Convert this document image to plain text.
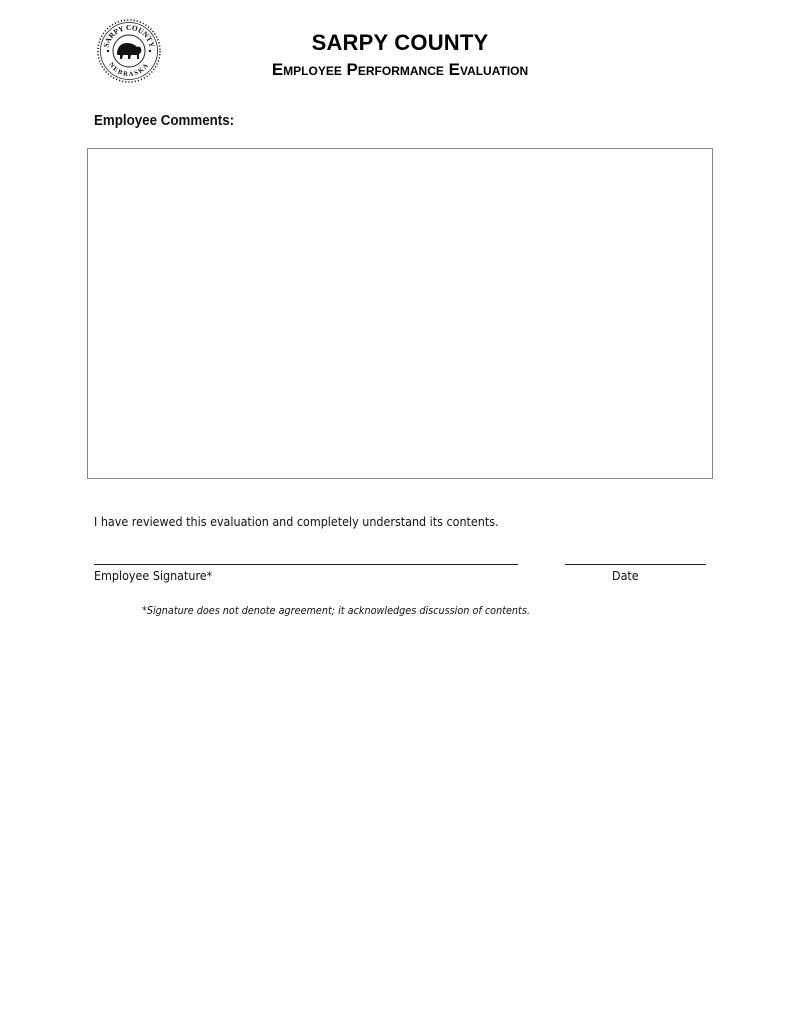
SARPY COUNTY
NEBRASKA
SARPY COUNTY
Employee Performance Evaluation
Employee Comments:
I have reviewed this evaluation and completely understand its contents.
Employee Signature*	Date
*Signature does not denote agreement; it acknowledges discussion of contents.
